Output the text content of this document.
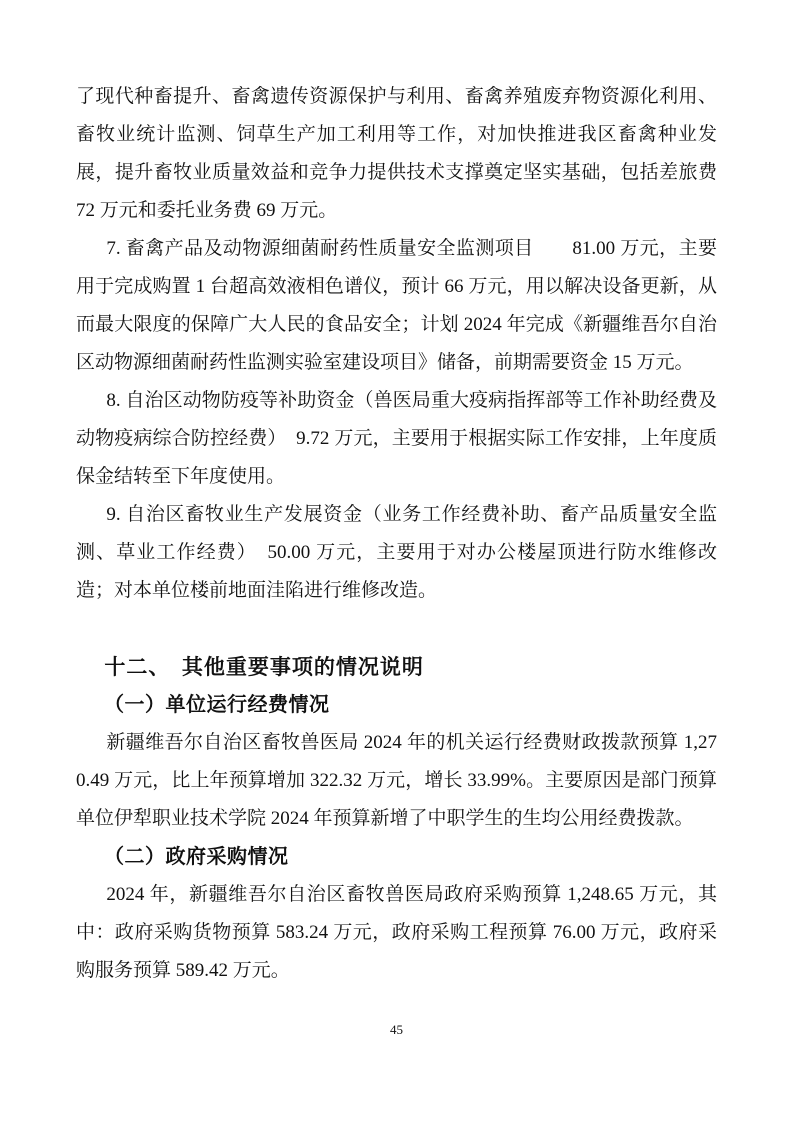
了现代种畜提升、畜禽遗传资源保护与利用、畜禽养殖废弃物资源化利用、畜牧业统计监测、饲草生产加工利用等工作，对加快推进我区畜禽种业发展，提升畜牧业质量效益和竞争力提供技术支撑奠定坚实基础，包括差旅费 72 万元和委托业务费 69 万元。

7. 畜禽产品及动物源细菌耐药性质量安全监测项目　　81.00 万元，主要用于完成购置 1 台超高效液相色谱仪，预计 66 万元，用以解决设备更新，从而最大限度的保障广大人民的食品安全；计划 2024 年完成《新疆维吾尔自治区动物源细菌耐药性监测实验室建设项目》储备，前期需要资金 15 万元。

8. 自治区动物防疫等补助资金（兽医局重大疫病指挥部等工作补助经费及动物疫病综合防控经费）　9.72 万元，主要用于根据实际工作安排，上年度质保金结转至下年度使用。

9. 自治区畜牧业生产发展资金（业务工作经费补助、畜产品质量安全监测、草业工作经费）　50.00 万元，主要用于对办公楼屋顶进行防水维修改造；对本单位楼前地面洼陷进行维修改造。

十二、　其他重要事项的情况说明
（一）单位运行经费情况

新疆维吾尔自治区畜牧兽医局 2024 年的机关运行经费财政拨款预算 1,270.49 万元，比上年预算增加 322.32 万元，增长 33.99%。主要原因是部门预算单位伊犁职业技术学院 2024 年预算新增了中职学生的生均公用经费拨款。

（二）政府采购情况

2024 年，新疆维吾尔自治区畜牧兽医局政府采购预算 1,248.65 万元，其中：政府采购货物预算 583.24 万元，政府采购工程预算 76.00 万元，政府采购服务预算 589.42 万元。

45
